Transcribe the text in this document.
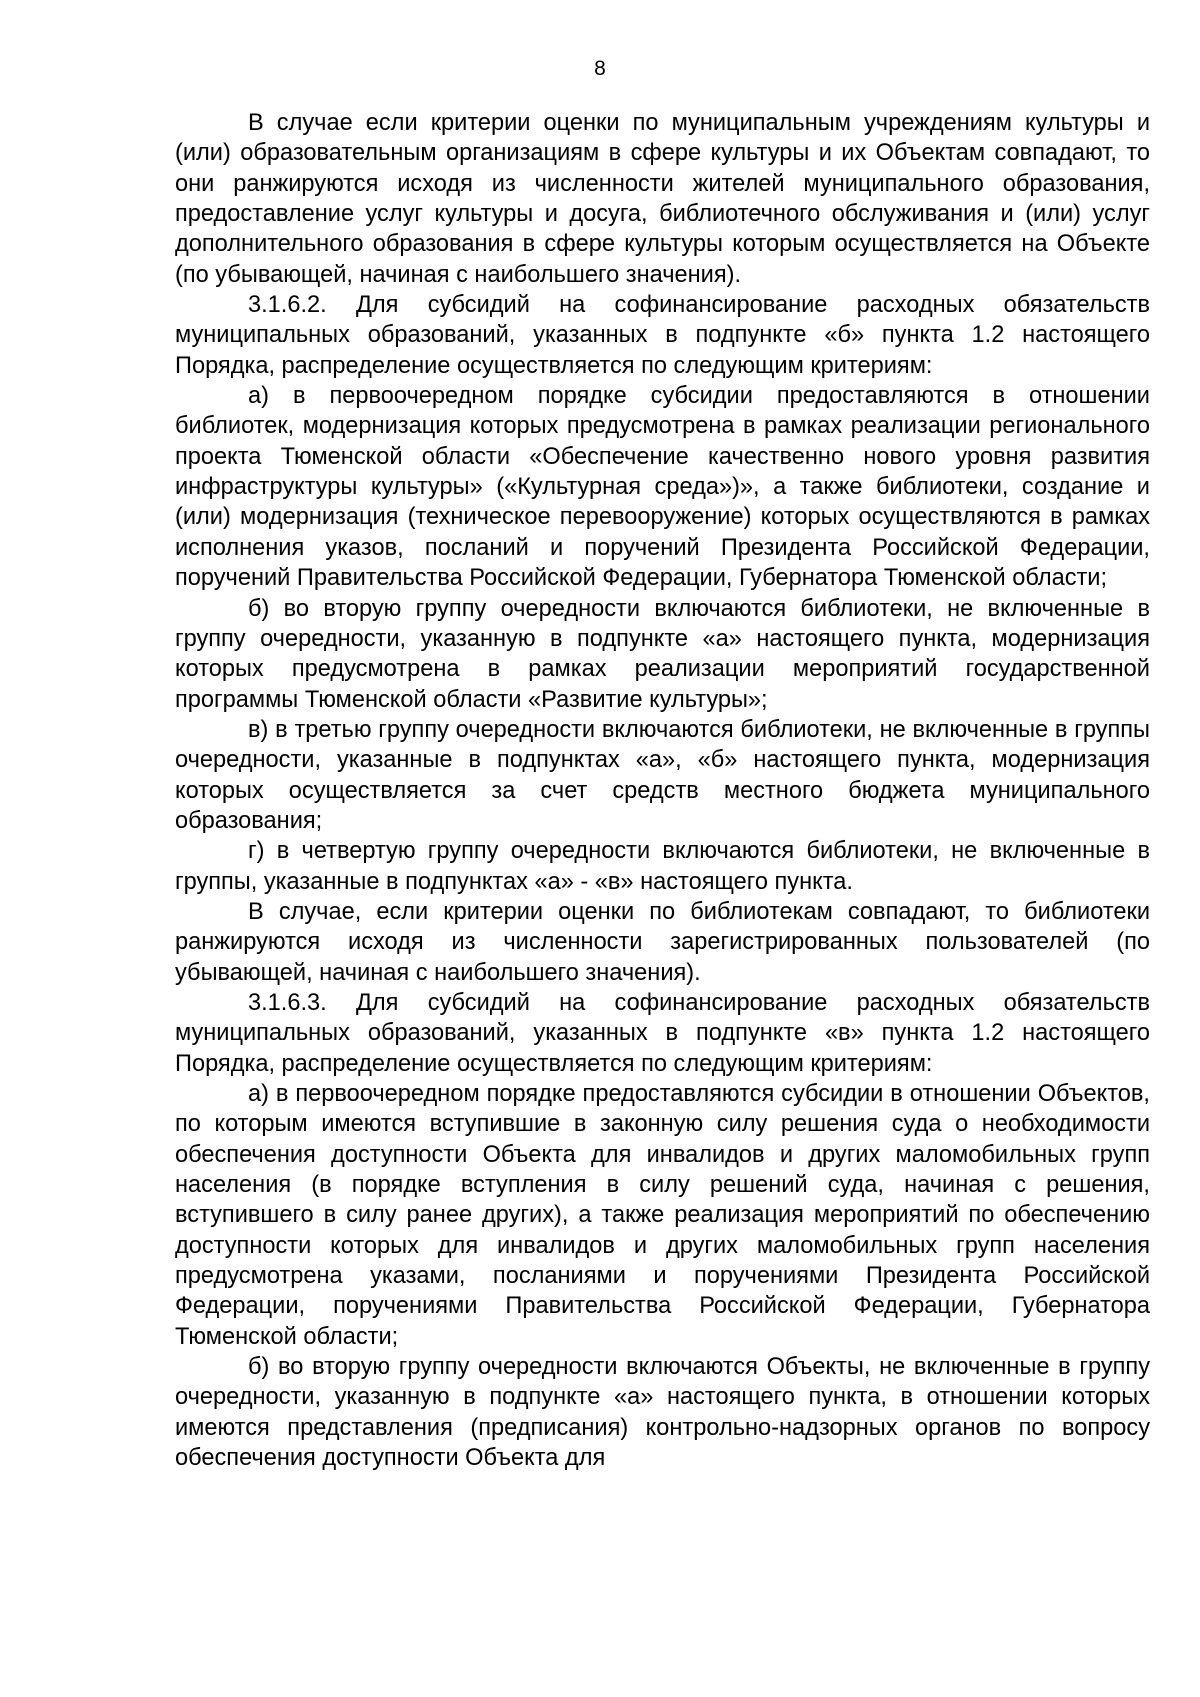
8

В случае если критерии оценки по муниципальным учреждениям культуры и (или) образовательным организациям в сфере культуры и их Объектам совпадают, то они ранжируются исходя из численности жителей муниципального образования, предоставление услуг культуры и досуга, библиотечного обслуживания и (или) услуг дополнительного образования в сфере культуры которым осуществляется на Объекте (по убывающей, начиная с наибольшего значения).

3.1.6.2. Для субсидий на софинансирование расходных обязательств муниципальных образований, указанных в подпункте «б» пункта 1.2 настоящего Порядка, распределение осуществляется по следующим критериям:

а) в первоочередном порядке субсидии предоставляются в отношении библиотек, модернизация которых предусмотрена в рамках реализации регионального проекта Тюменской области «Обеспечение качественно нового уровня развития инфраструктуры культуры» («Культурная среда»)», а также библиотеки, создание и (или) модернизация (техническое перевооружение) которых осуществляются в рамках исполнения указов, посланий и поручений Президента Российской Федерации, поручений Правительства Российской Федерации, Губернатора Тюменской области;

б) во вторую группу очередности включаются библиотеки, не включенные в группу очередности, указанную в подпункте «а» настоящего пункта, модернизация которых предусмотрена в рамках реализации мероприятий государственной программы Тюменской области «Развитие культуры»;

в) в третью группу очередности включаются библиотеки, не включенные в группы очередности, указанные в подпунктах «а», «б» настоящего пункта, модернизация которых осуществляется за счет средств местного бюджета муниципального образования;

г) в четвертую группу очередности включаются библиотеки, не включенные в группы, указанные в подпунктах «а» - «в» настоящего пункта.

В случае, если критерии оценки по библиотекам совпадают, то библиотеки ранжируются исходя из численности зарегистрированных пользователей (по убывающей, начиная с наибольшего значения).

3.1.6.3. Для субсидий на софинансирование расходных обязательств муниципальных образований, указанных в подпункте «в» пункта 1.2 настоящего Порядка, распределение осуществляется по следующим критериям:

а) в первоочередном порядке предоставляются субсидии в отношении Объектов, по которым имеются вступившие в законную силу решения суда о необходимости обеспечения доступности Объекта для инвалидов и других маломобильных групп населения (в порядке вступления в силу решений суда, начиная с решения, вступившего в силу ранее других), а также реализация мероприятий по обеспечению доступности которых для инвалидов и других маломобильных групп населения предусмотрена указами, посланиями и поручениями Президента Российской Федерации, поручениями Правительства Российской Федерации, Губернатора Тюменской области;

б) во вторую группу очередности включаются Объекты, не включенные в группу очередности, указанную в подпункте «а» настоящего пункта, в отношении которых имеются представления (предписания) контрольно-надзорных органов по вопросу обеспечения доступности Объекта для
